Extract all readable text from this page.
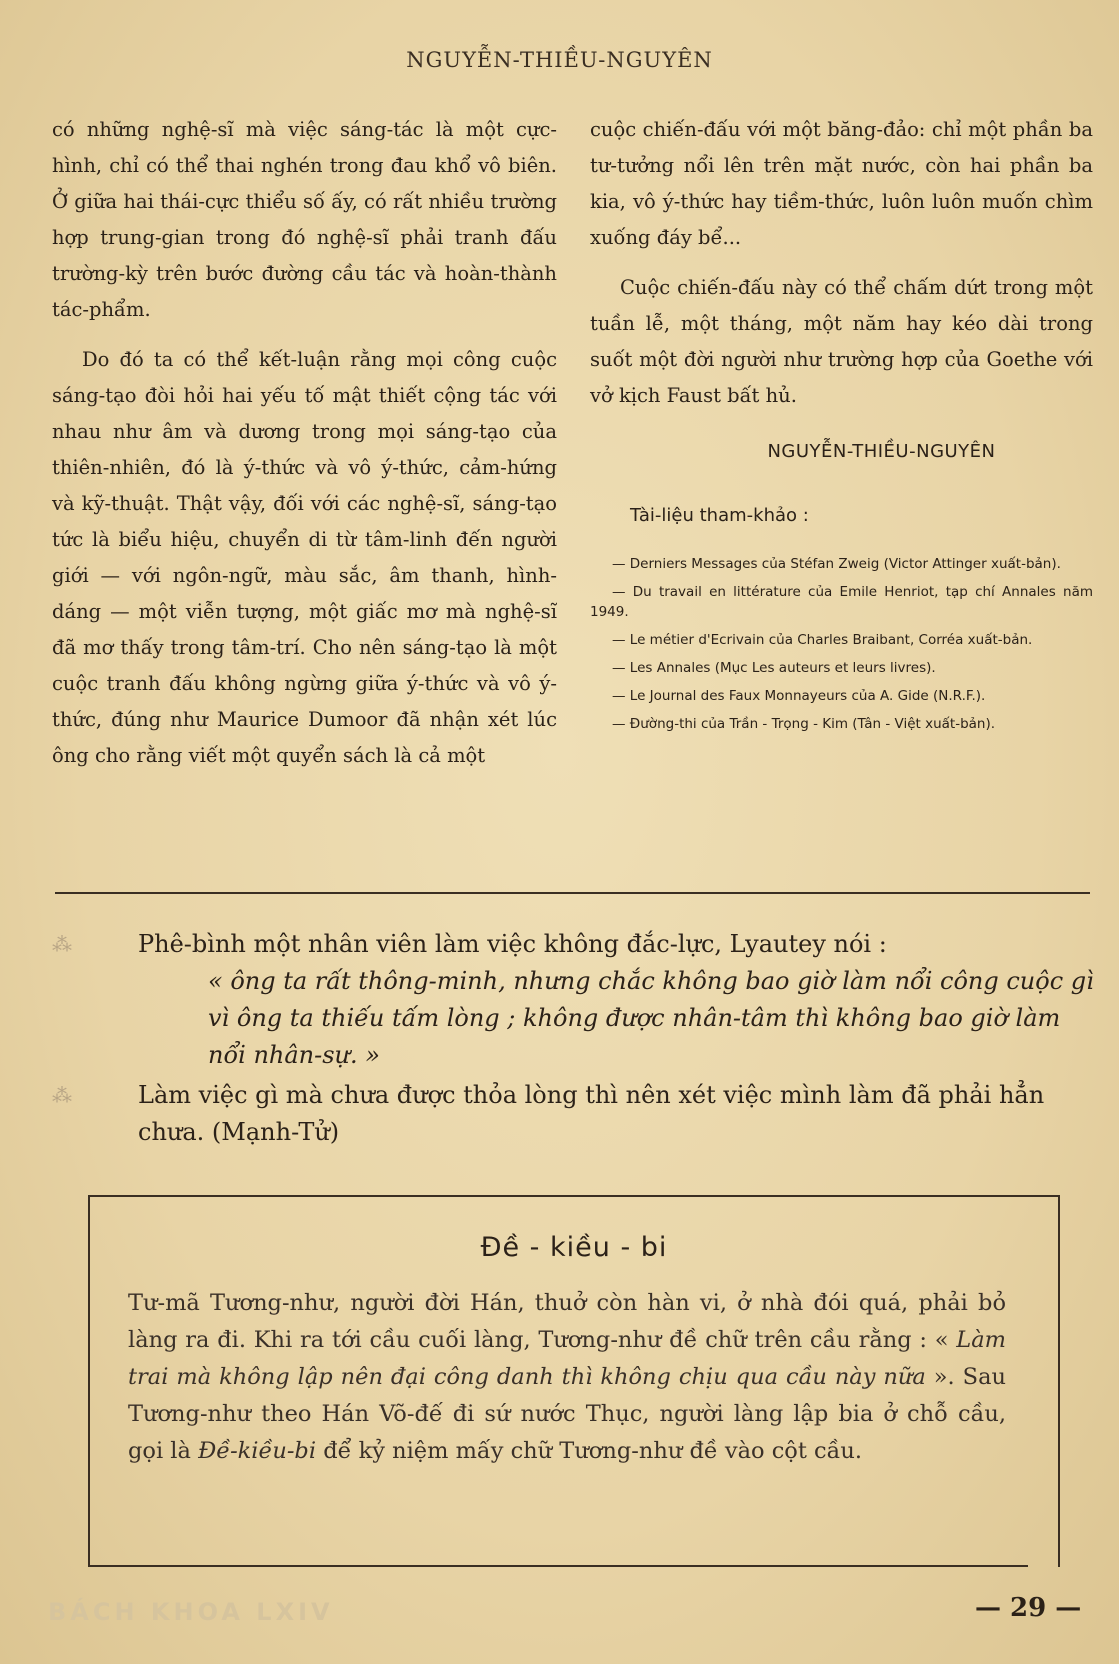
NGUYỄN-THIỀU-NGUYÊN

có những nghệ-sĩ mà việc sáng-tác là một cực-hình, chỉ có thể thai nghén trong đau khổ vô biên. Ở giữa hai thái-cực thiểu số ấy, có rất nhiều trường hợp trung-gian trong đó nghệ-sĩ phải tranh đấu trường-kỳ trên bước đường cầu tác và hoàn-thành tác-phẩm.

Do đó ta có thể kết-luận rằng mọi công cuộc sáng-tạo đòi hỏi hai yếu tố mật thiết cộng tác với nhau như âm và dương trong mọi sáng-tạo của thiên-nhiên, đó là ý-thức và vô ý-thức, cảm-hứng và kỹ-thuật. Thật vậy, đối với các nghệ-sĩ, sáng-tạo tức là biểu hiệu, chuyển di từ tâm-linh đến người giới — với ngôn-ngữ, màu sắc, âm thanh, hình-dáng — một viễn tượng, một giấc mơ mà nghệ-sĩ đã mơ thấy trong tâm-trí. Cho nên sáng-tạo là một cuộc tranh đấu không ngừng giữa ý-thức và vô ý-thức, đúng như Maurice Dumoor đã nhận xét lúc ông cho rằng viết một quyển sách là cả một

cuộc chiến-đấu với một băng-đảo: chỉ một phần ba tư-tưởng nổi lên trên mặt nước, còn hai phần ba kia, vô ý-thức hay tiềm-thức, luôn luôn muốn chìm xuống đáy bể...

Cuộc chiến-đấu này có thể chấm dứt trong một tuần lễ, một tháng, một năm hay kéo dài trong suốt một đời người như trường hợp của Goethe với vở kịch Faust bất hủ.

NGUYỄN-THIỀU-NGUYÊN
Tài-liệu tham-khảo :
— Derniers Messages của Stéfan Zweig (Victor Attinger xuất-bản).
— Du travail en littérature của Emile Henriot, tạp chí Annales năm 1949.
— Le métier d'Ecrivain của Charles Braibant, Corréa xuất-bản.
— Les Annales (Mục Les auteurs et leurs livres).
— Le Journal des Faux Monnayeurs của A. Gide (N.R.F.).
— Đường-thi của Trần - Trọng - Kim (Tân - Việt xuất-bản).
⁂	Phê-bình một nhân viên làm việc không đắc-lực, Lyautey nói :
« ông ta rất thông-minh, nhưng chắc không bao giờ làm nổi công cuộc gì vì ông ta thiếu tấm lòng ; không được nhân-tâm thì không bao giờ làm nổi nhân-sự. »
⁂	Làm việc gì mà chưa được thỏa lòng thì nên xét việc mình làm đã phải hẳn chưa. (Mạnh-Tử)
Đề - kiều - bi
Tư-mã Tương-như, người đời Hán, thuở còn hàn vi, ở nhà đói quá, phải bỏ làng ra đi. Khi ra tới cầu cuối làng, Tương-như đề chữ trên cầu rằng : « Làm trai mà không lập nên đại công danh thì không chịu qua cầu này nữa ». Sau Tương-như theo Hán Võ-đế đi sứ nước Thục, người làng lập bia ở chỗ cầu, gọi là Đề-kiều-bi để kỷ niệm mấy chữ Tương-như đề vào cột cầu.
BÁCH KHOA LXIV	— 29 —
